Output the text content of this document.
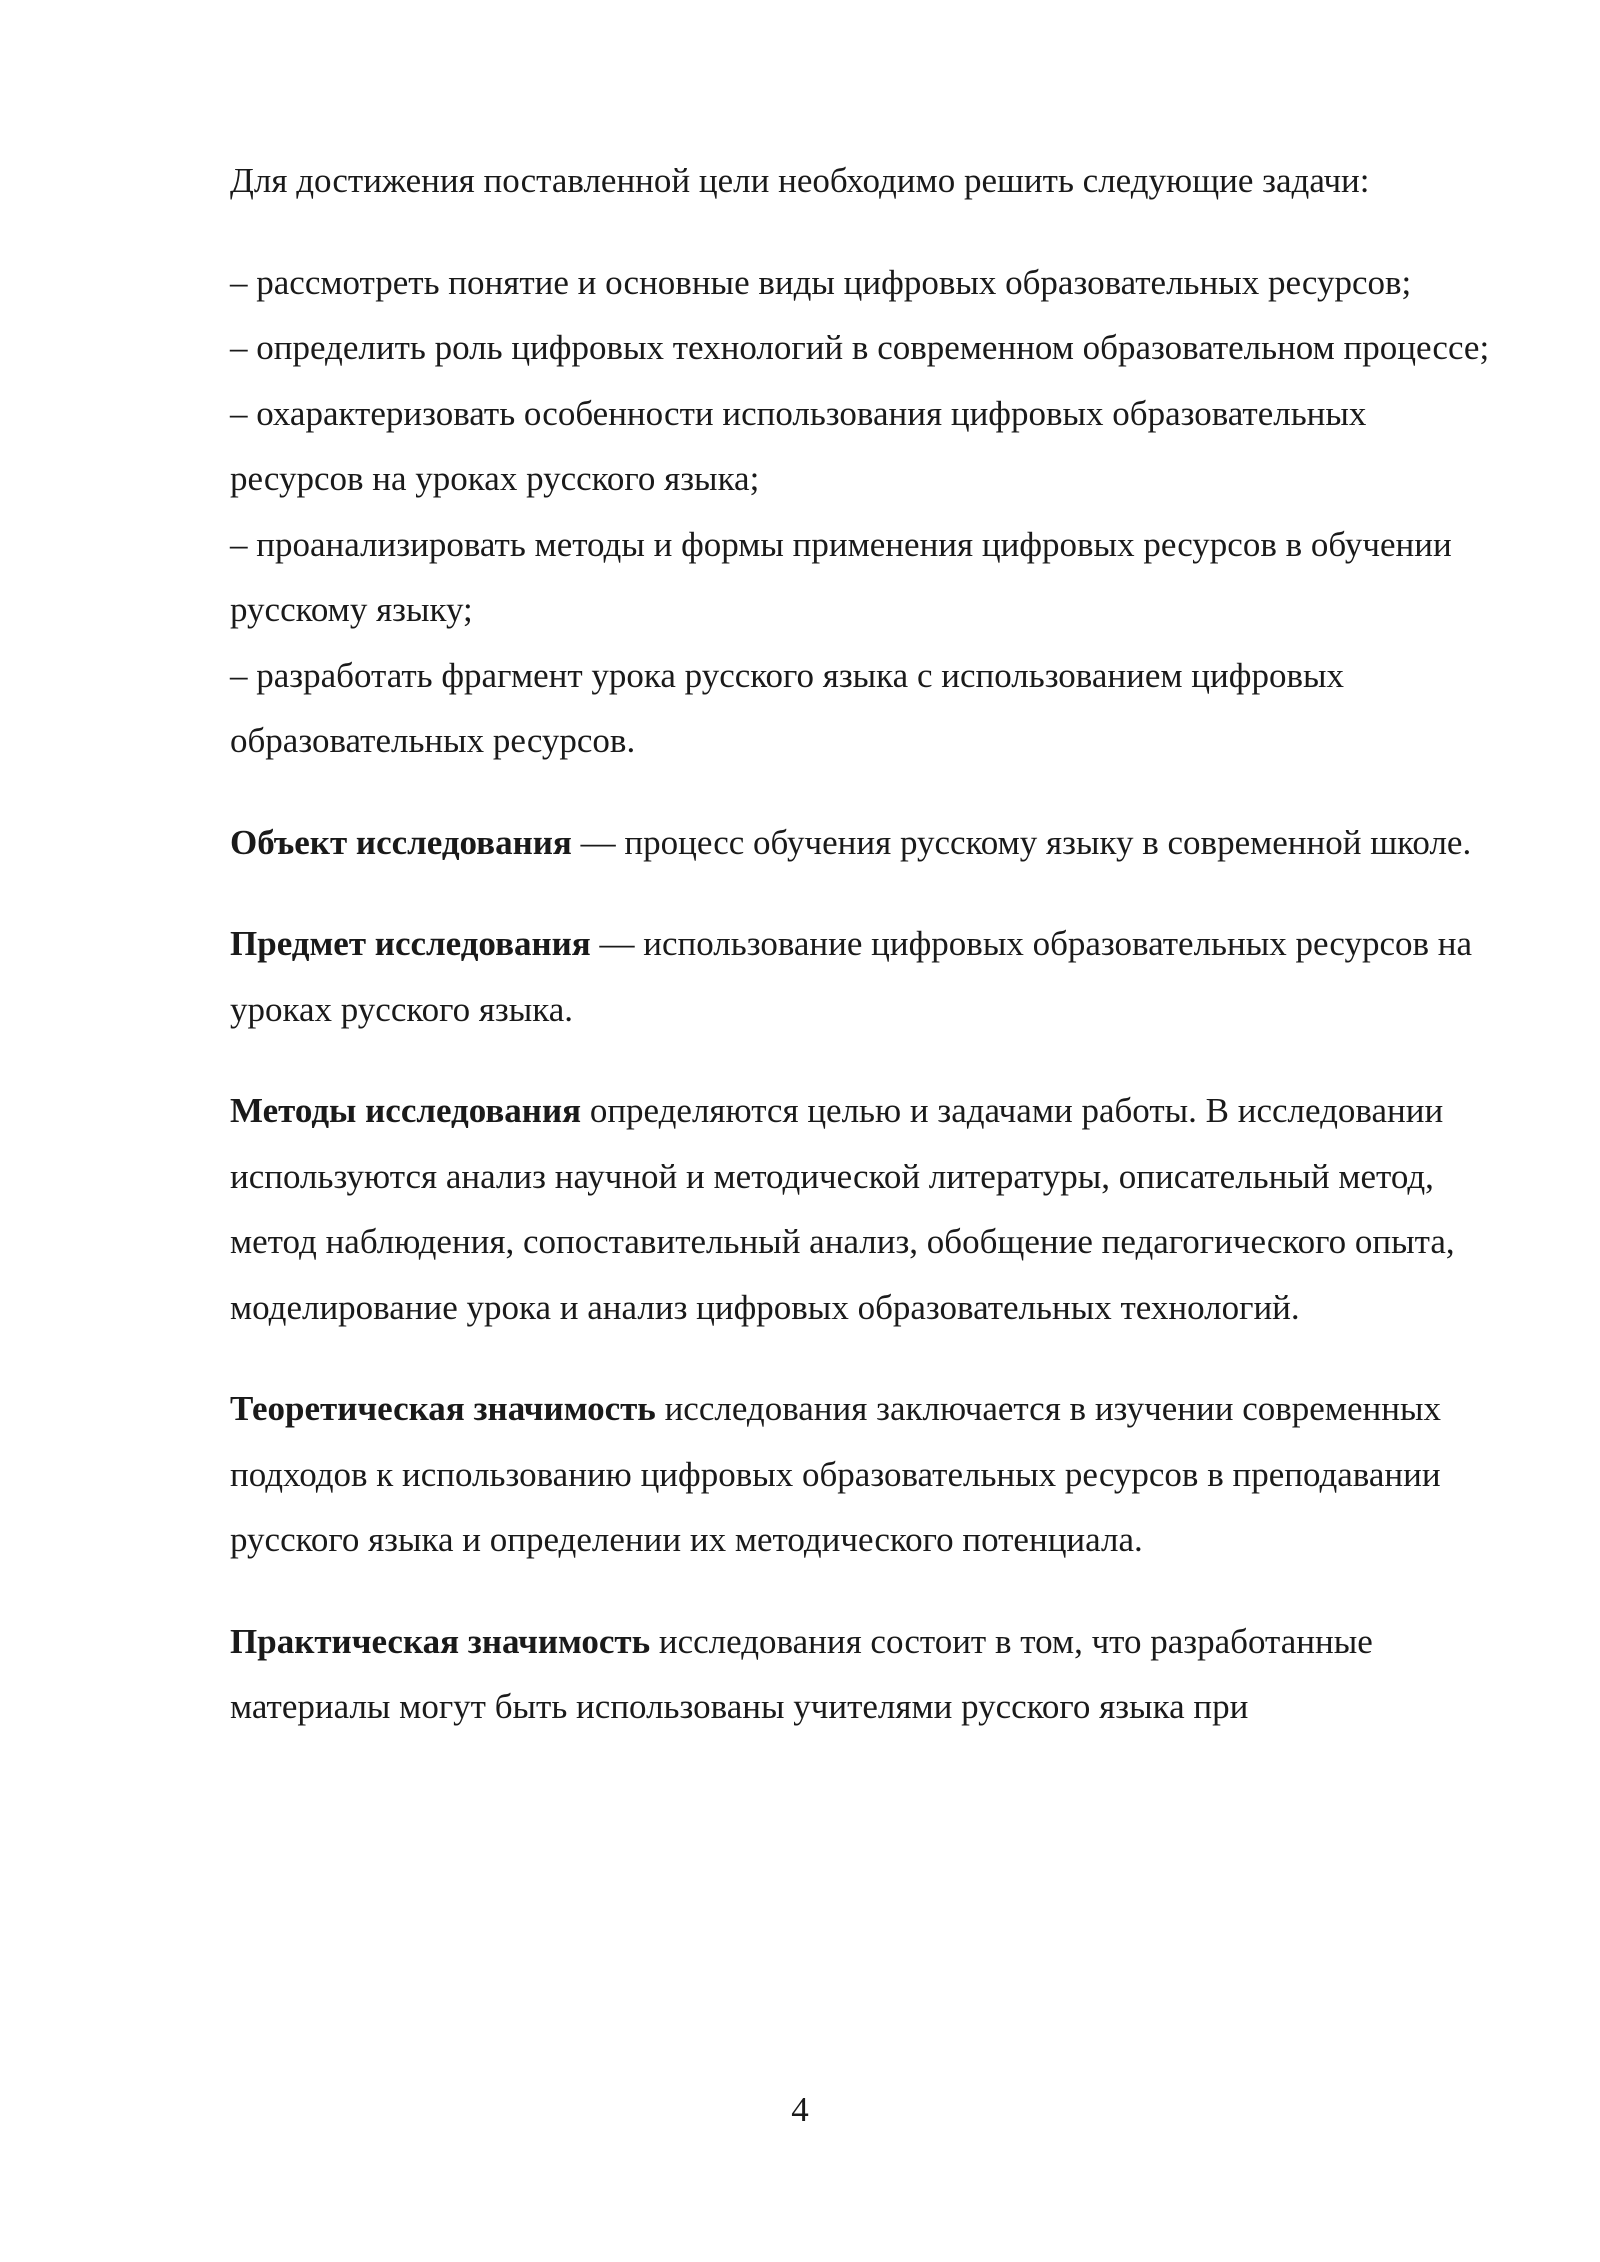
Для достижения поставленной цели необходимо решить следующие задачи:

– рассмотреть понятие и основные виды цифровых образовательных ресурсов;

– определить роль цифровых технологий в современном образовательном процессе;

– охарактеризовать особенности использования цифровых образовательных ресурсов на уроках русского языка;

– проанализировать методы и формы применения цифровых ресурсов в обучении русскому языку;

– разработать фрагмент урока русского языка с использованием цифровых образовательных ресурсов.

Объект исследования — процесс обучения русскому языку в современной школе.

Предмет исследования — использование цифровых образовательных ресурсов на уроках русского языка.

Методы исследования определяются целью и задачами работы. В исследовании используются анализ научной и методической литературы, описательный метод, метод наблюдения, сопоставительный анализ, обобщение педагогического опыта, моделирование урока и анализ цифровых образовательных технологий.

Теоретическая значимость исследования заключается в изучении современных подходов к использованию цифровых образовательных ресурсов в преподавании русского языка и определении их методического потенциала.

Практическая значимость исследования состоит в том, что разработанные материалы могут быть использованы учителями русского языка при

4
